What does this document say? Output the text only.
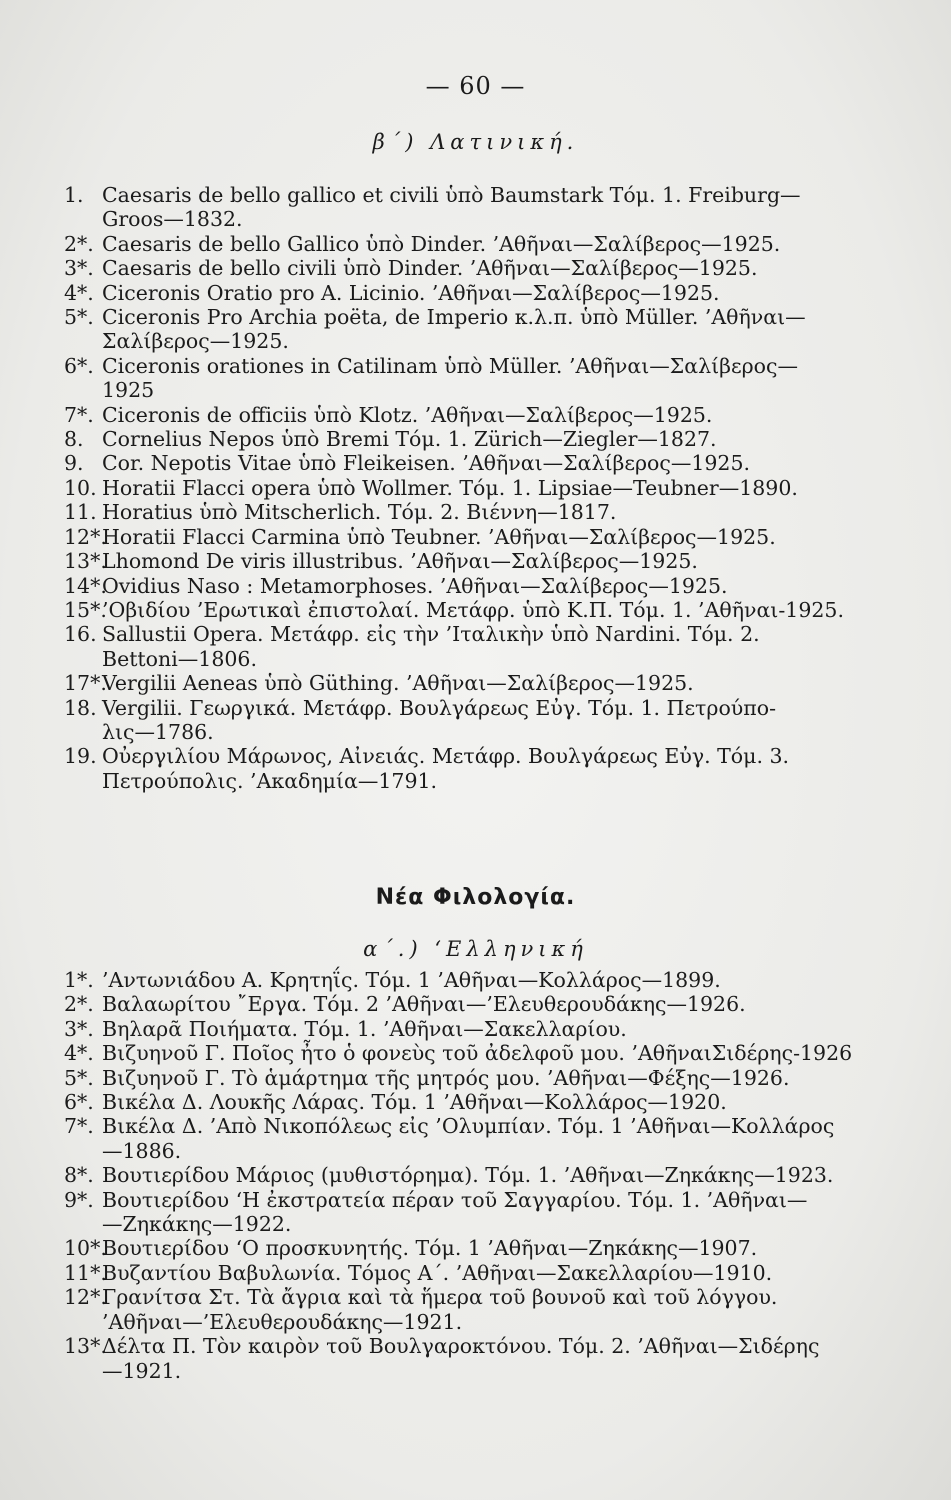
— 60 —
β΄) Λατινική.
1. Caesaris de bello gallico et civili ὑπὸ Baumstark Τόμ. 1. Freiburg—
Groos—1832.
2*. Caesaris de bello Gallico ὑπὸ Dinder. ’Αθῆναι—Σαλίβερος—1925.
3*. Caesaris de bello civili ὑπὸ Dinder. ’Αθῆναι—Σαλίβερος—1925.
4*. Ciceronis Oratio pro A. Licinio. ’Αθῆναι—Σαλίβερος—1925.
5*. Ciceronis Pro Archia poëta, de Imperio κ.λ.π. ὑπὸ Müller. ’Αθῆναι—
Σαλίβερος—1925.
6*. Ciceronis orationes in Catilinam ὑπὸ Müller. ’Αθῆναι—Σαλίβερος—
1925
7*. Ciceronis de officiis ὑπὸ Klotz. ’Αθῆναι—Σαλίβερος—1925.
8. Cornelius Nepos ὑπὸ Bremi Τόμ. 1. Zürich—Ziegler—1827.
9. Cor. Nepotis Vitae ὑπὸ Fleikeisen. ’Αθῆναι—Σαλίβερος—1925.
10. Horatii Flacci opera ὑπὸ Wollmer. Τόμ. 1. Lipsiae—Teubner—1890.
11. Horatius ὑπὸ Mitscherlich. Τόμ. 2. Βιέννη—1817.
12*.
Horatii Flacci Carmina ὑπὸ Teubner. ’Αθῆναι—Σαλίβερος—1925.
13*.
Lhomond De viris illustribus. ’Αθῆναι—Σαλίβερος—1925.
14*.
Ovidius Naso : Metamorphoses. ’Αθῆναι—Σαλίβερος—1925.
15*.
’Οβιδίου ’Ερωτικαὶ ἐπιστολαί. Μετάφρ. ὑπὸ Κ.Π. Τόμ. 1. ’Αθῆναι-1925.
16. Sallustii Opera. Μετάφρ. εἰς τὴν ’Ιταλικὴν ὑπὸ Nardini. Τόμ. 2.
Bettoni—1806.
17*.
Vergilii Aeneas ὑπὸ Güthing. ’Αθῆναι—Σαλίβερος—1925.
18. Vergilii. Γεωργικά. Μετάφρ. Βουλγάρεως Εὐγ. Τόμ. 1. Πετρούπο-
λις—1786.
19. Οὐεργιλίου Μάρωνος, Αἰνειάς. Μετάφρ. Βουλγάρεως Εὐγ. Τόμ. 3.
Πετρούπολις. ’Ακαδημία—1791.
Νέα Φιλολογία.
α΄.) ‘Ελληνική
1*. ’Αντωνιάδου Α. Κρητηΐς. Τόμ. 1 ’Αθῆναι—Κολλάρος—1899.
2*. Βαλαωρίτου ῎Εργα. Τόμ. 2 ’Αθῆναι—’Ελευθερουδάκης—1926.
3*. Βηλαρᾶ Ποιήματα. Τόμ. 1. ’Αθῆναι—Σακελλαρίου.
4*. Βιζυηνοῦ Γ. Ποῖος ἦτο ὁ φονεὺς τοῦ ἀδελφοῦ μου. ’ΑθῆναιΣιδέρης-1926
5*. Βιζυηνοῦ Γ. Τὸ ἁμάρτημα τῆς μητρός μου. ’Αθῆναι—Φέξης—1926.
6*. Βικέλα Δ. Λουκῆς Λάρας. Τόμ. 1 ’Αθῆναι—Κολλάρος—1920.
7*. Βικέλα Δ. ’Απὸ Νικοπόλεως εἰς ’Ολυμπίαν. Τόμ. 1 ’Αθῆναι—Κολλάρος
—1886.
8*. Βουτιερίδου Μάριος (μυθιστόρημα). Τόμ. 1. ’Αθῆναι—Ζηκάκης—1923.
9*. Βουτιερίδου ‘Η ἐκστρατεία πέραν τοῦ Σαγγαρίου. Τόμ. 1. ’Αθῆναι—
—Ζηκάκης—1922.
10*.
Βουτιερίδου ‘Ο προσκυνητής. Τόμ. 1 ’Αθῆναι—Ζηκάκης—1907.
11*.
Βυζαντίου Βαβυλωνία. Τόμος Α΄. ’Αθῆναι—Σακελλαρίου—1910.
12*.
Γρανίτσα Στ. Τὰ ἄγρια καὶ τὰ ἥμερα τοῦ βουνοῦ καὶ τοῦ λόγγου.
’Αθῆναι—’Ελευθερουδάκης—1921.
13*.
Δέλτα Π. Τὸν καιρὸν τοῦ Βουλγαροκτόνου. Τόμ. 2. ’Αθῆναι—Σιδέρης
—1921.
